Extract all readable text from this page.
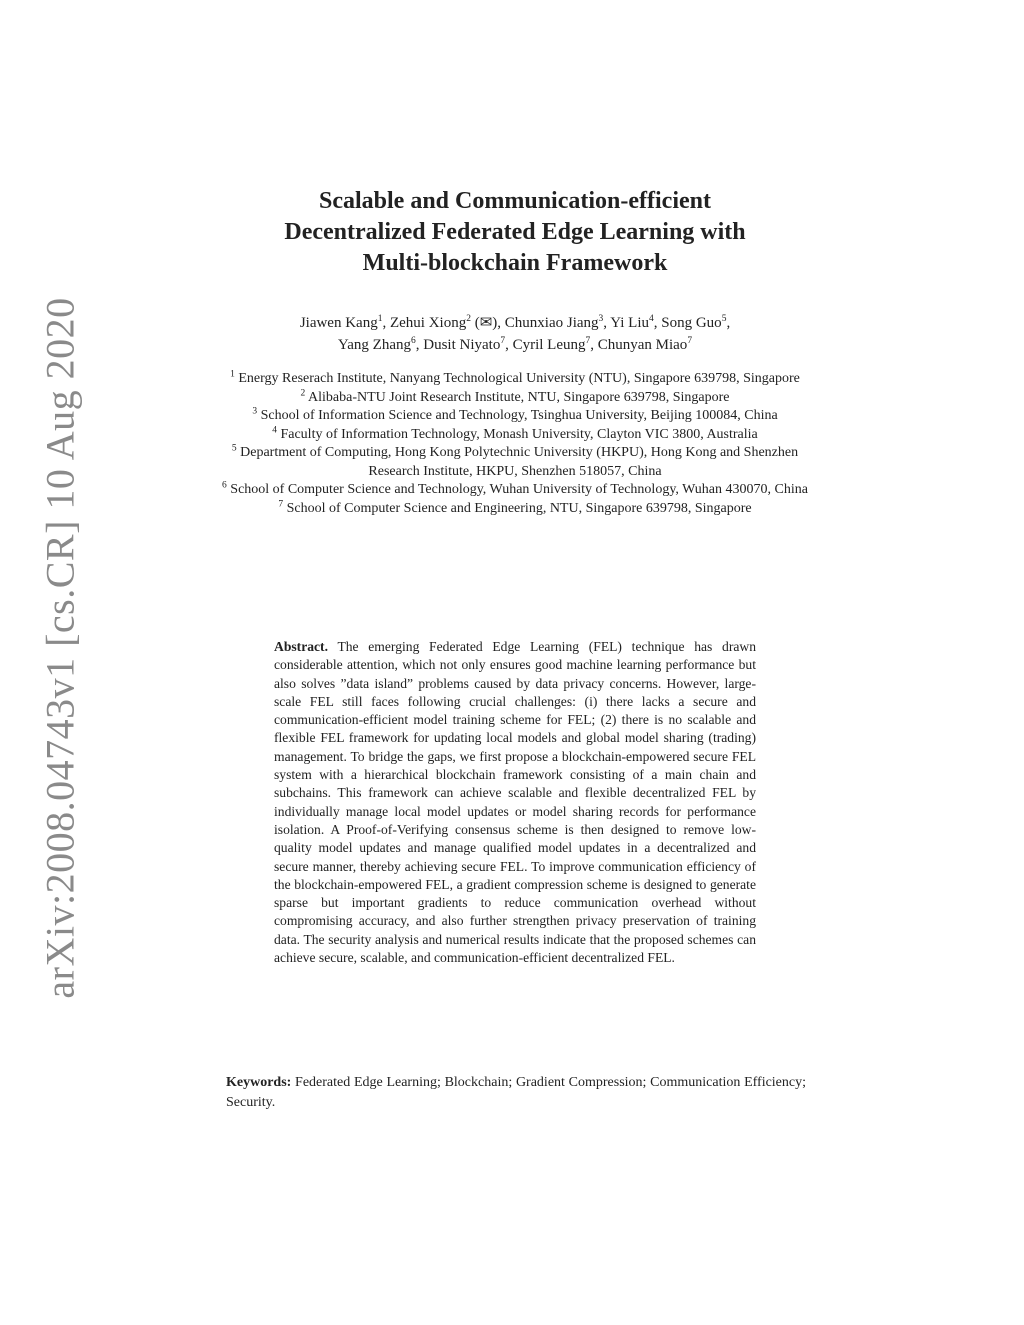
arXiv:2008.04743v1 [cs.CR] 10 Aug 2020
Scalable and Communication-efficient
Decentralized Federated Edge Learning with
Multi-blockchain Framework
Jiawen Kang$^1$, Zehui Xiong$^2$ (✉), Chunxiao Jiang$^3$, Yi Liu$^4$, Song Guo$^5$,
Yang Zhang$^6$, Dusit Niyato$^7$, Cyril Leung$^7$, Chunyan Miao$^7$
$^1$ Energy Reserach Institute, Nanyang Technological University (NTU), Singapore 639798, Singapore
$^2$ Alibaba-NTU Joint Research Institute, NTU, Singapore 639798, Singapore
$^3$ School of Information Science and Technology, Tsinghua University, Beijing 100084, China
$^4$ Faculty of Information Technology, Monash University, Clayton VIC 3800, Australia
$^5$ Department of Computing, Hong Kong Polytechnic University (HKPU), Hong Kong and Shenzhen Research Institute, HKPU, Shenzhen 518057, China
$^6$ School of Computer Science and Technology, Wuhan University of Technology, Wuhan 430070, China
$^7$ School of Computer Science and Engineering, NTU, Singapore 639798, Singapore
Abstract. The emerging Federated Edge Learning (FEL) technique has drawn considerable attention, which not only ensures good machine learning performance but also solves ”data island” problems caused by data privacy concerns. However, large-scale FEL still faces following crucial challenges: (i) there lacks a secure and communication-efficient model training scheme for FEL; (2) there is no scalable and flexible FEL framework for updating local models and global model sharing (trading) management. To bridge the gaps, we first propose a blockchain-empowered secure FEL system with a hierarchical blockchain framework consisting of a main chain and subchains. This framework can achieve scalable and flexible decentralized FEL by individually manage local model updates or model sharing records for performance isolation. A Proof-of-Verifying consensus scheme is then designed to remove low-quality model updates and manage qualified model updates in a decentralized and secure manner, thereby achieving secure FEL. To improve communication efficiency of the blockchain-empowered FEL, a gradient compression scheme is designed to generate sparse but important gradients to reduce communication overhead without compromising accuracy, and also further strengthen privacy preservation of training data. The security analysis and numerical results indicate that the proposed schemes can achieve secure, scalable, and communication-efficient decentralized FEL.
Keywords: Federated Edge Learning; Blockchain; Gradient Compression; Communication Efficiency; Security.
